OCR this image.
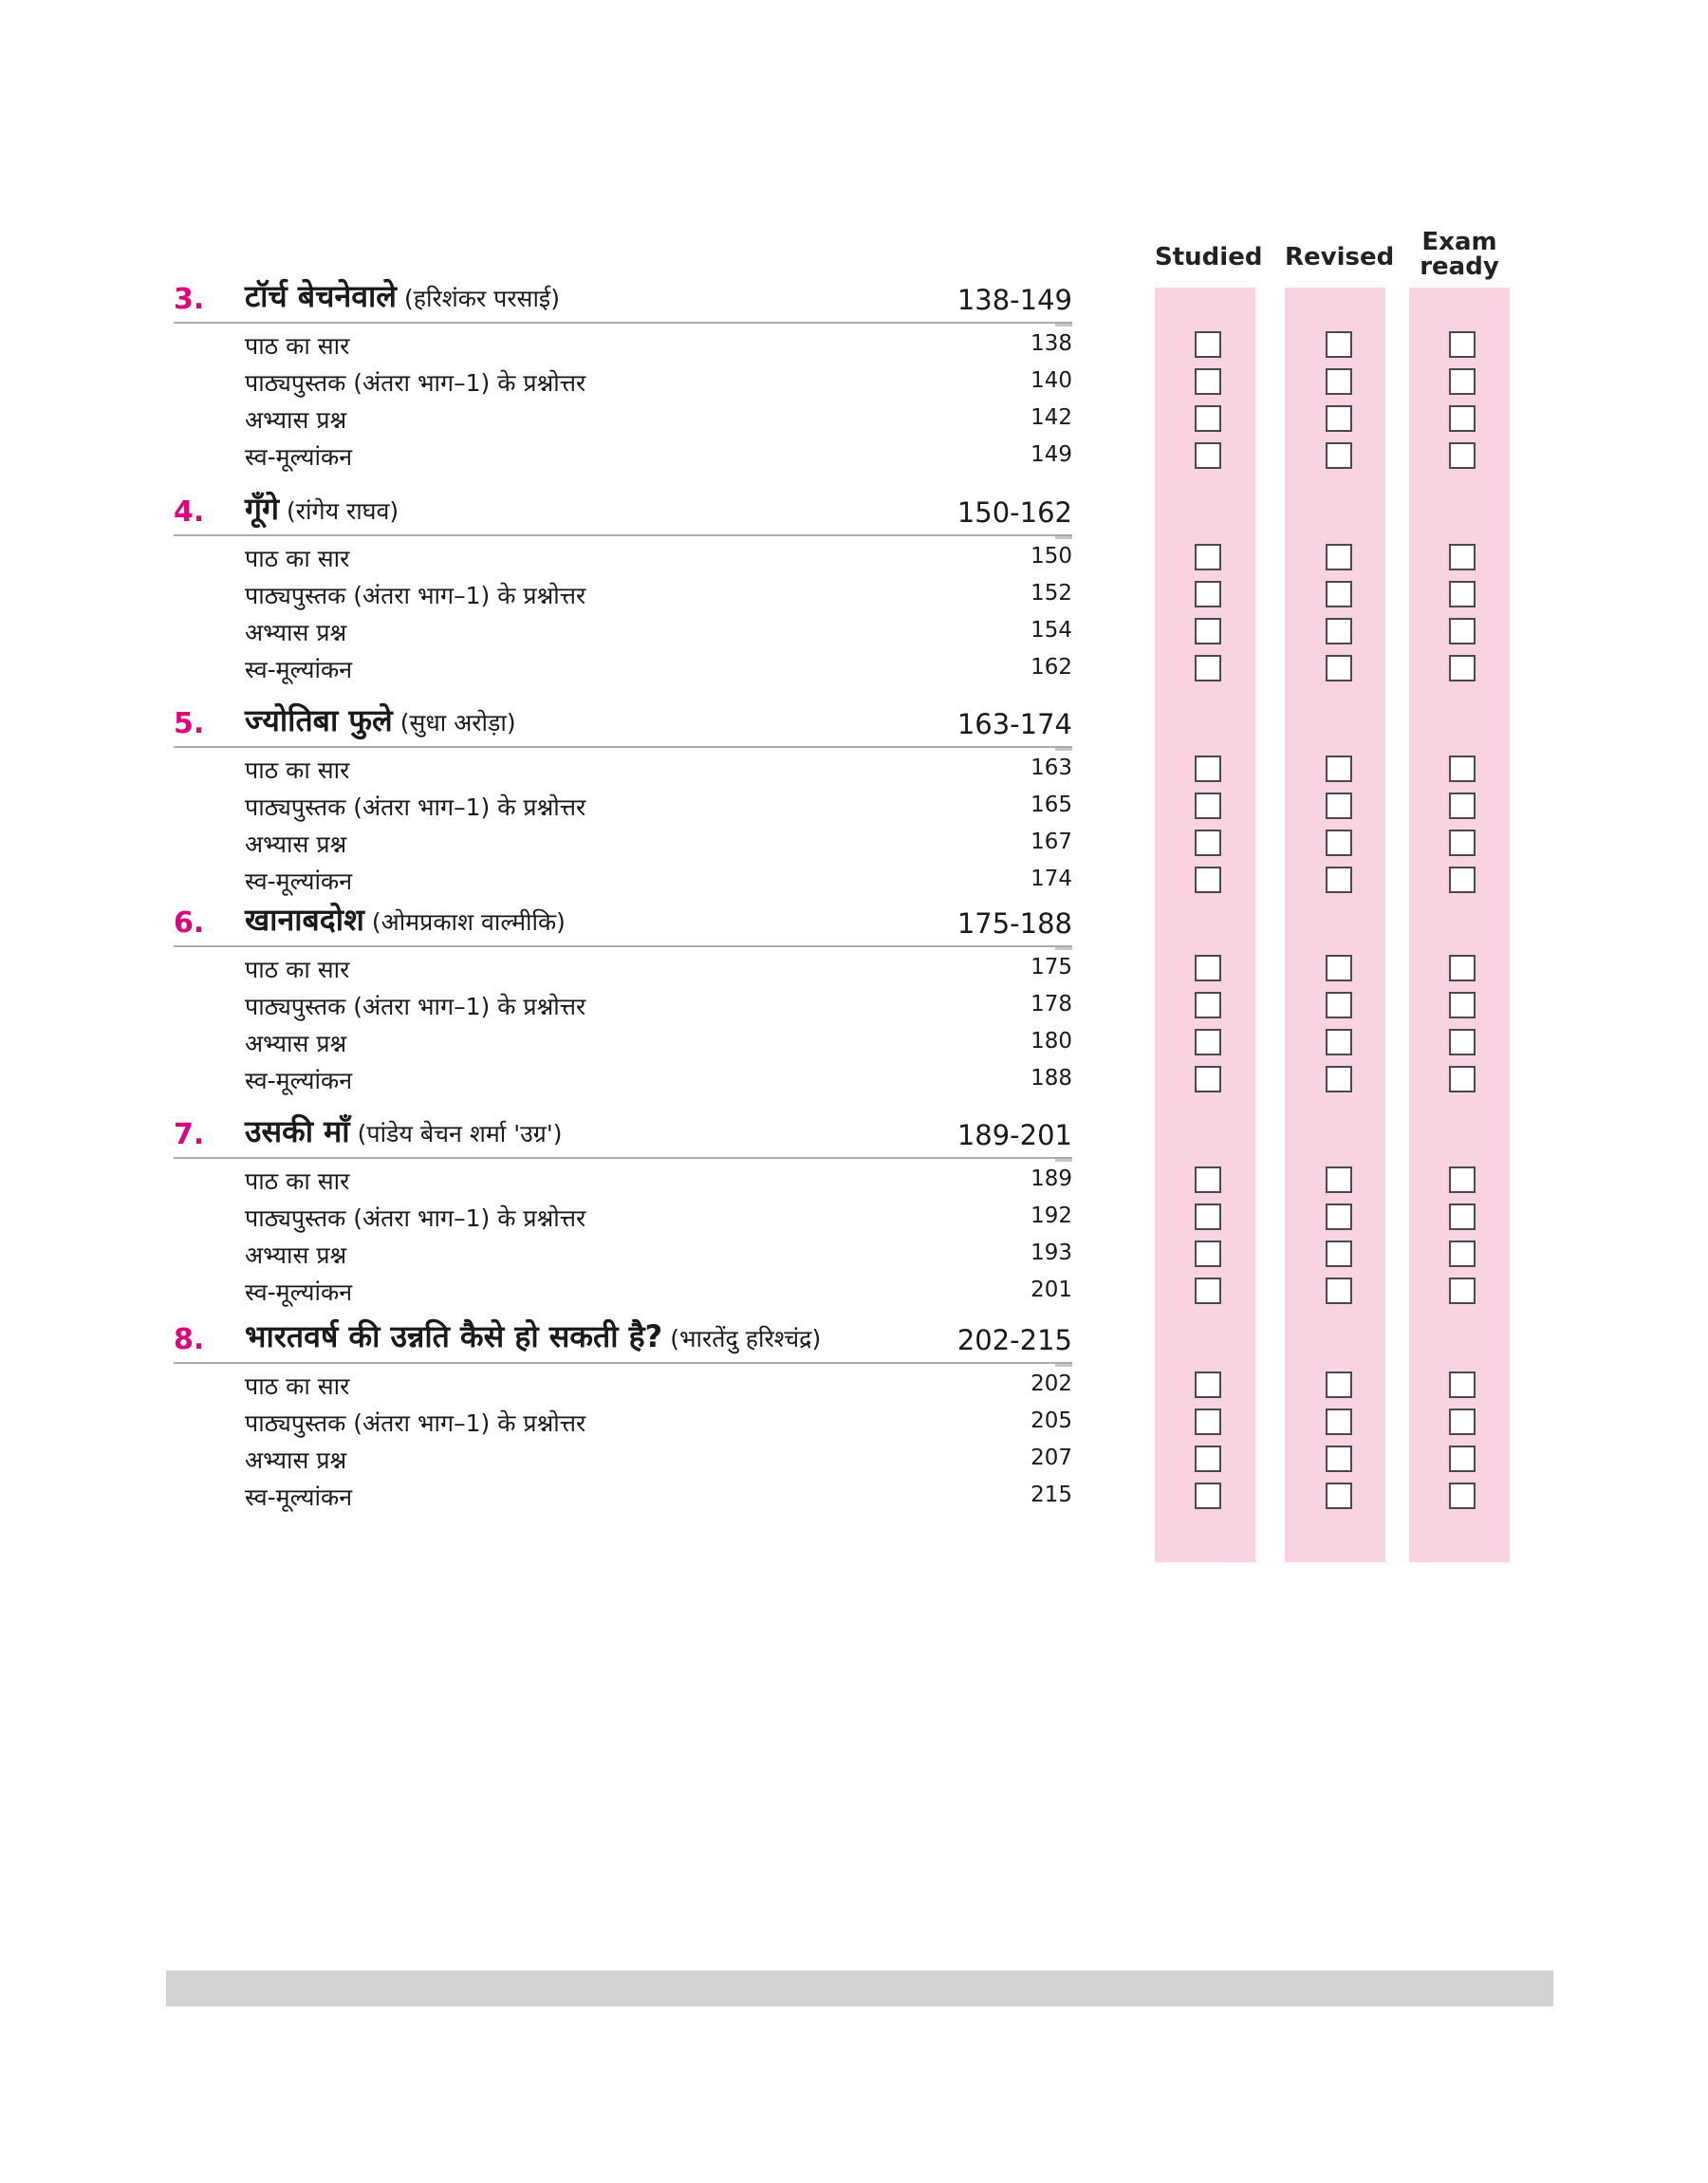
Studied Revised
Exam
ready
3. टॉर्च बेचनेवाले (हरिशंकर परसाई)	138-149
पाठ का सार	138
पाठ्यपुस्तक (अंतरा भाग–1) के प्रश्नोत्तर	140
अभ्यास प्रश्न	142
स्व-मूल्यांकन	149
4. गूँगे (रांगेय राघव)	150-162
पाठ का सार	150
पाठ्यपुस्तक (अंतरा भाग–1) के प्रश्नोत्तर	152
अभ्यास प्रश्न	154
स्व-मूल्यांकन	162
5. ज्योतिबा फुले (सुधा अरोड़ा)	163-174
पाठ का सार	163
पाठ्यपुस्तक (अंतरा भाग–1) के प्रश्नोत्तर	165
अभ्यास प्रश्न	167
स्व-मूल्यांकन	174
6. खानाबदोश (ओमप्रकाश वाल्मीकि)	175-188
पाठ का सार	175
पाठ्यपुस्तक (अंतरा भाग–1) के प्रश्नोत्तर	178
अभ्यास प्रश्न	180
स्व-मूल्यांकन	188
7. उसकी माँ (पांडेय बेचन शर्मा 'उग्र')	189-201
पाठ का सार	189
पाठ्यपुस्तक (अंतरा भाग–1) के प्रश्नोत्तर	192
अभ्यास प्रश्न	193
स्व-मूल्यांकन	201
8. भारतवर्ष की उन्नति कैसे हो सकती है? (भारतेंदु हरिश्चंद्र)	202-215
पाठ का सार	202
पाठ्यपुस्तक (अंतरा भाग–1) के प्रश्नोत्तर	205
अभ्यास प्रश्न	207
स्व-मूल्यांकन	215
